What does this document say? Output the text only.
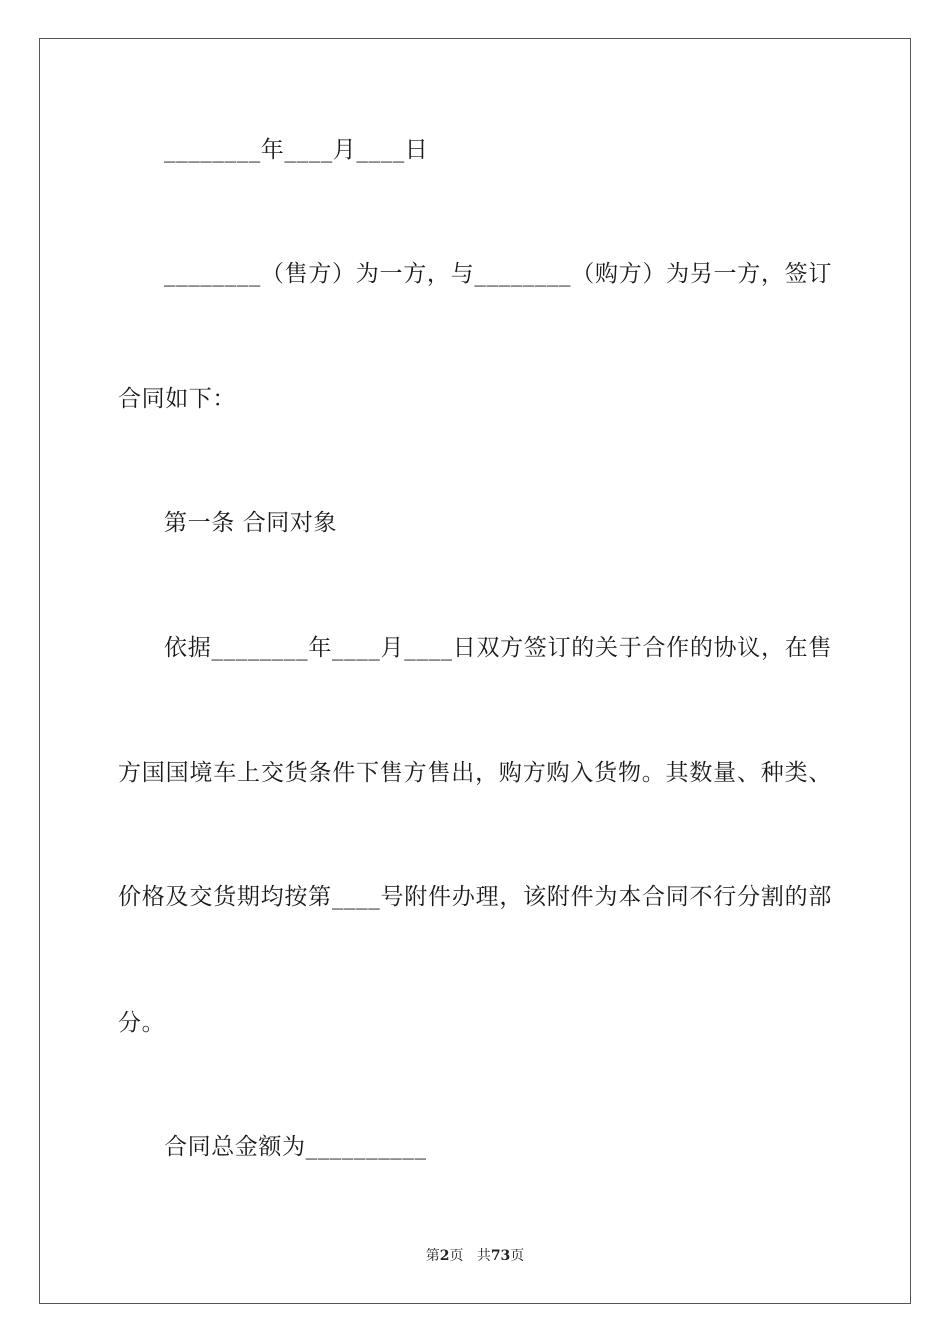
________年____月____日
________（售方）为一方，与________（购方）为另一方，签订
合同如下：
第一条 合同对象
依据________年____月____日双方签订的关于合作的协议，在售
方国国境车上交货条件下售方售出，购方购入货物。其数量、种类、
价格及交货期均按第____号附件办理，该附件为本合同不行分割的部
分。
合同总金额为__________
第2页 共73页
